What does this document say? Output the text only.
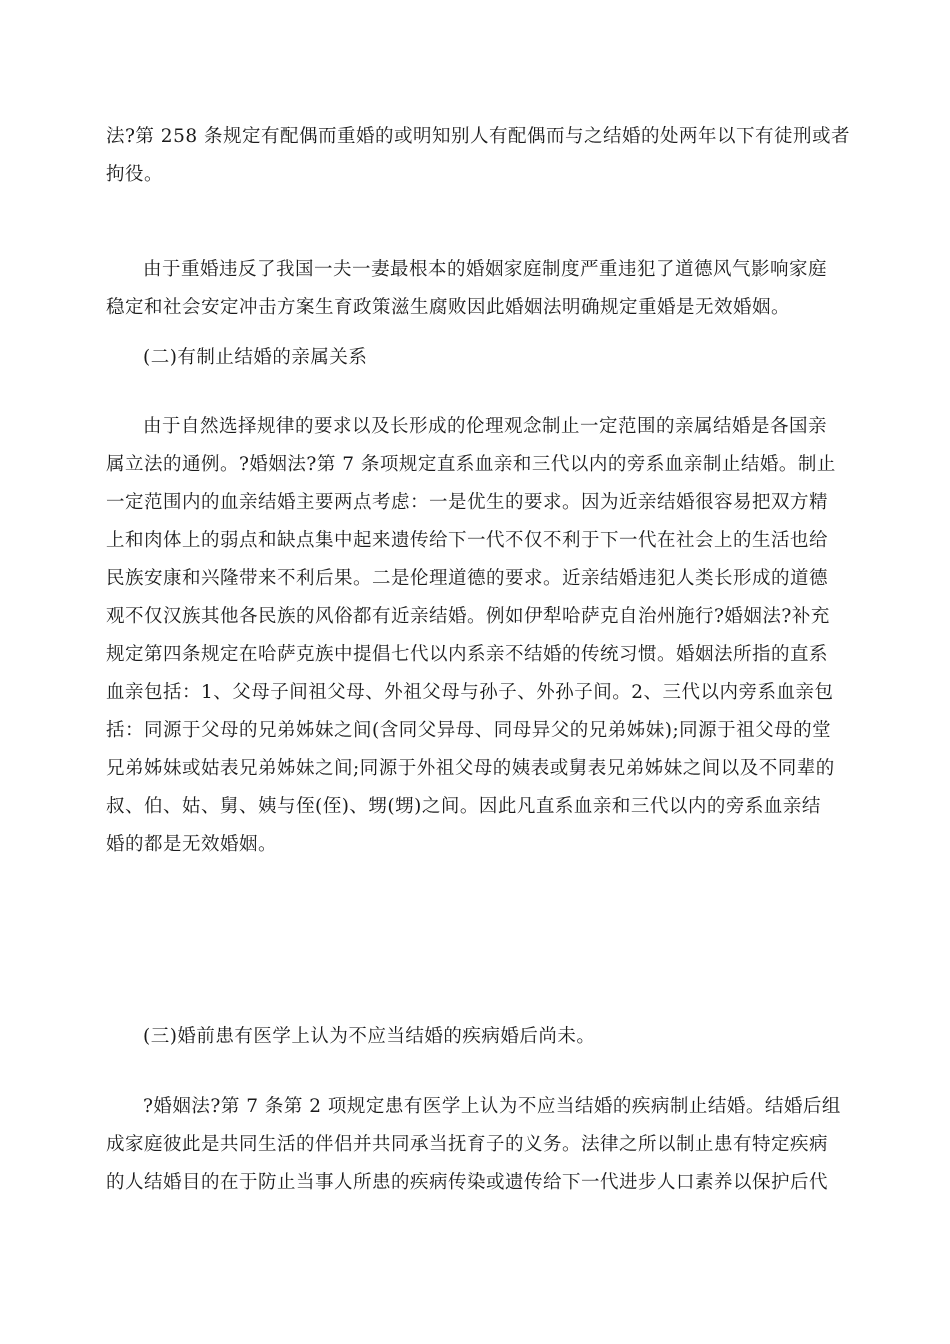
法?第 258 条规定有配偶而重婚的或明知别人有配偶而与之结婚的处两年以下有徒刑或者
拘役。
由于重婚违反了我国一夫一妻最根本的婚姻家庭制度严重违犯了道德风气影响家庭
稳定和社会安定冲击方案生育政策滋生腐败因此婚姻法明确规定重婚是无效婚姻。
(二)有制止结婚的亲属关系
由于自然选择规律的要求以及长形成的伦理观念制止一定范围的亲属结婚是各国亲
属立法的通例。?婚姻法?第 7 条项规定直系血亲和三代以内的旁系血亲制止结婚。制止
一定范围内的血亲结婚主要两点考虑：一是优生的要求。因为近亲结婚很容易把双方精
上和肉体上的弱点和缺点集中起来遗传给下一代不仅不利于下一代在社会上的生活也给
民族安康和兴隆带来不利后果。二是伦理道德的要求。近亲结婚违犯人类长形成的道德
观不仅汉族其他各民族的风俗都有近亲结婚。例如伊犁哈萨克自治州施行?婚姻法?补充
规定第四条规定在哈萨克族中提倡七代以内系亲不结婚的传统习惯。婚姻法所指的直系
血亲包括：1、父母子间祖父母、外祖父母与孙子、外孙子间。2、三代以内旁系血亲包
括：同源于父母的兄弟姊妹之间(含同父异母、同母异父的兄弟姊妹);同源于祖父母的堂
兄弟姊妹或姑表兄弟姊妹之间;同源于外祖父母的姨表或舅表兄弟姊妹之间以及不同辈的
叔、伯、姑、舅、姨与侄(侄)、甥(甥)之间。因此凡直系血亲和三代以内的旁系血亲结
婚的都是无效婚姻。
(三)婚前患有医学上认为不应当结婚的疾病婚后尚未。
?婚姻法?第 7 条第 2 项规定患有医学上认为不应当结婚的疾病制止结婚。结婚后组
成家庭彼此是共同生活的伴侣并共同承当抚育子的义务。法律之所以制止患有特定疾病
的人结婚目的在于防止当事人所患的疾病传染或遗传给下一代进步人口素养以保护后代
